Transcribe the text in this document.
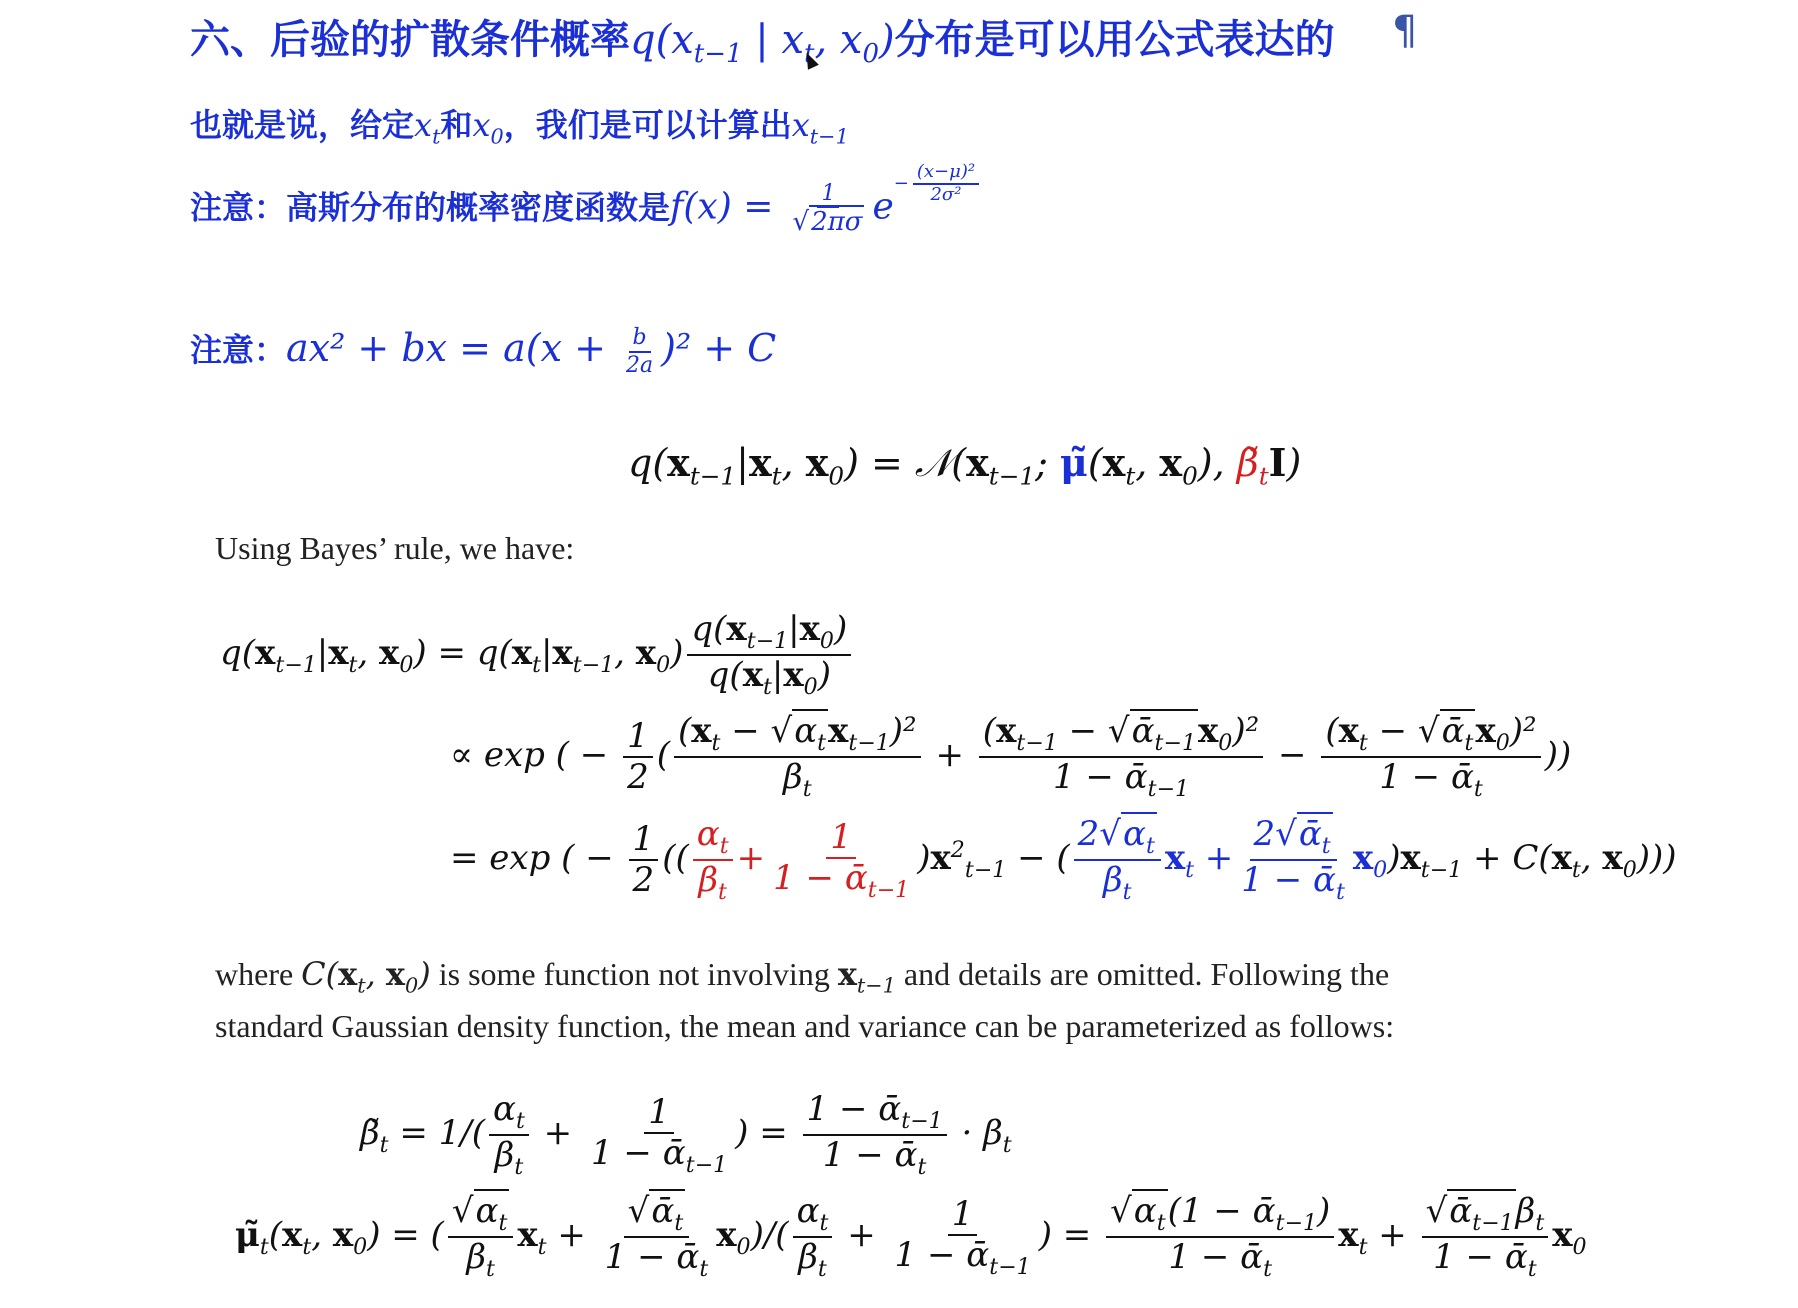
六、后验的扩散条件概率$q(x_{t-1}$ | $x_t$, $x_0$)分布是可以用公式表达的 ¶
也就是说，给定$x_t$和$x_0$，我们是可以计算出$x_{t-1}$
注意：高斯分布的概率密度函数是$f(x) = \frac{1}{√2\pi\sigma} e^{- \frac{\text{(x−μ)²}}{\text{2σ²}}}$
注意：ax² + bx = $a(x + \frac{b}{2a} )^2 + C$
$q(x_{t-1}|x_t$, $x_0$) = $𝒩(x_{t-1}$; $\mũ(x_t$, $x_0$), $\betã_tI$)
Using Bayes’ rule, we have:
$q(x_{t-1}|x_t$, $x_0) = q(x_t|x_{t-1}$, $x_0) \frac{q(x_{t-1}|x_0)}{q(x_t|x_0)}$
∝ exp ( − $\frac{1}{2}$ ( $\frac{(x_t - √\alpha_tx_{t-1})^2}{\beta_t} + \frac{(x_{t-1} - √ᾱ_{t-1}x_0)^2}{1 - ᾱ_{t-1}} - \frac{(x_t - √ᾱ_tx_0)^2}{1 - ᾱ_t}$ ))
= exp ( − $\frac{1}{2}$ (( $\frac{\alpha_t}{\beta_t} + \frac{1}{1 - ᾱ_{t-1}} )x^2_{t-1}$ − ( $\frac{2√\alpha_t}{\beta_t} x_t + \frac{2√ᾱ_t}{1 - ᾱ_t} x_0)x_{t-1} + C(x_t$, $x_0$)))
where $C(x_t$, $x_0$) is some function not involving $x_{t-1}$ and details are omitted. Following the
standard Gaussian density function, the mean and variance can be parameterized as follows:
$\betã_t = 1/( \frac{\alpha_t}{\beta_t} + \frac{1}{1 - ᾱ_{t-1}}$ ) = $\frac{1 - ᾱ_{t-1}}{1 - ᾱ_t} \cdot \beta_t$
$\mũ_t(x_t$, $x_0$) = ( $\frac{√\alpha_t}{\beta_t} x_t + \frac{√ᾱ_t}{1 - ᾱ_t} x_0)/( \frac{\alpha_t}{\beta_t} + \frac{1}{1 - ᾱ_{t-1}}$ ) = $\frac{√\alpha_t(1 - ᾱ_{t-1})}{1 - ᾱ_t} x_t + \frac{√ᾱ_{t-1}\beta_t}{1 - ᾱ_t} x_0$
